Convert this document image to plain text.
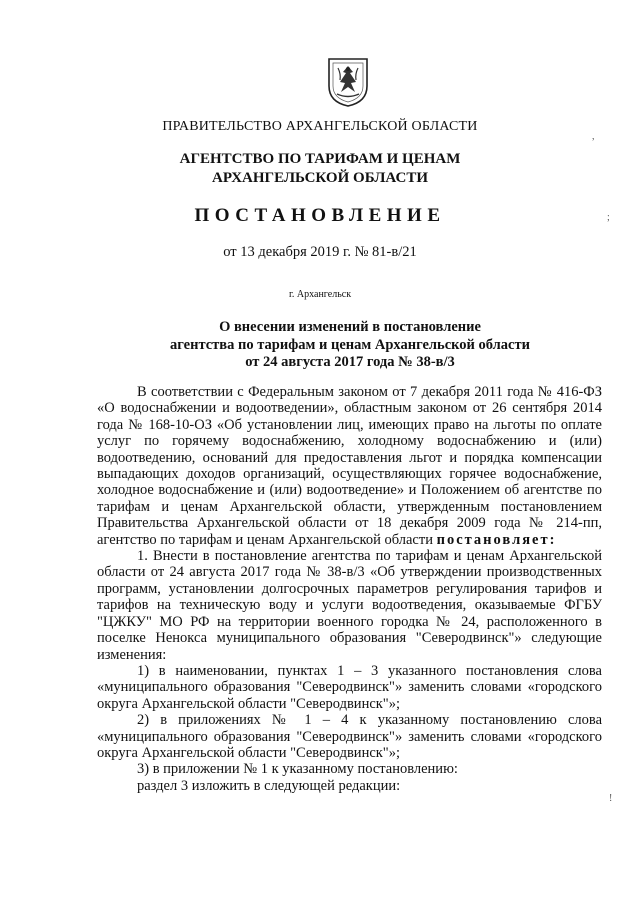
ПРАВИТЕЛЬСТВО АРХАНГЕЛЬСКОЙ ОБЛАСТИ
АГЕНТСТВО ПО ТАРИФАМ И ЦЕНАМ
АРХАНГЕЛЬСКОЙ ОБЛАСТИ
ПОСТАНОВЛЕНИЕ
от 13 декабря 2019 г. № 81-в/21
г. Архангельск
О внесении изменений в постановление
агентства по тарифам и ценам Архангельской области
от 24 августа 2017 года № 38-в/3

В соответствии с Федеральным законом от 7 декабря 2011 года № 416-ФЗ «О водоснабжении и водоотведении», областным законом от 26 сентября 2014 года № 168-10-ОЗ «Об установлении лиц, имеющих право на льготы по оплате услуг по горячему водоснабжению, холодному водоснабжению и (или) водоотведению, оснований для предоставления льгот и порядка компенсации выпадающих доходов организаций, осуществляющих горячее водоснабжение, холодное водоснабжение и (или) водоотведение» и Положением об агентстве по тарифам и ценам Архангельской области, утвержденным постановлением Правительства Архангельской области от 18 декабря 2009 года № 214-пп, агентство по тарифам и ценам Архангельской области постановляет:

1. Внести в постановление агентства по тарифам и ценам Архангельской области от 24 августа 2017 года № 38-в/3 «Об утверждении производственных программ, установлении долгосрочных параметров регулирования тарифов и тарифов на техническую воду и услуги водоотведения, оказываемые ФГБУ "ЦЖКУ" МО РФ на территории военного городка № 24, расположенного в поселке Ненокса муниципального образования "Северодвинск"» следующие изменения:

1) в наименовании, пунктах 1 – 3 указанного постановления слова «муниципального образования "Северодвинск"» заменить словами «городского округа Архангельской области "Северодвинск"»;

2) в приложениях № 1 – 4 к указанному постановлению слова «муниципального образования "Северодвинск"» заменить словами «городского округа Архангельской области "Северодвинск"»;

3) в приложении № 1 к указанному постановлению:

раздел 3 изложить в следующей редакции:

,
;
!
